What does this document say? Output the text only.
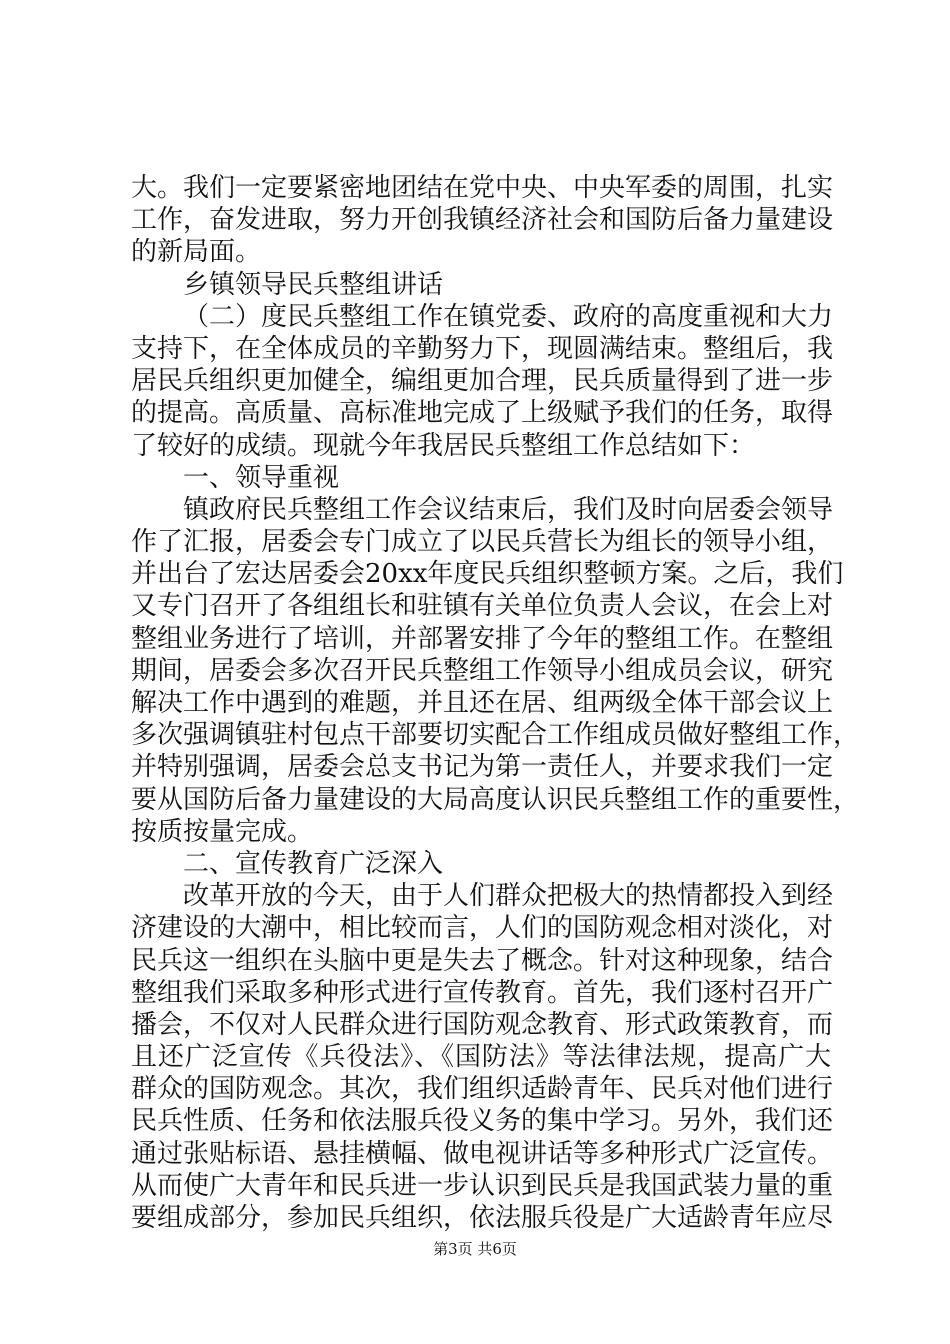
大。我们一定要紧密地团结在党中央、中央军委的周围，扎实
工作，奋发进取，努力开创我镇经济社会和国防后备力量建设
的新局面。
乡镇领导民兵整组讲话
（二）度民兵整组工作在镇党委、政府的高度重视和大力
支持下，在全体成员的辛勤努力下，现圆满结束。整组后，我
居民兵组织更加健全，编组更加合理，民兵质量得到了进一步
的提高。高质量、高标准地完成了上级赋予我们的任务，取得
了较好的成绩。现就今年我居民兵整组工作总结如下：
一、领导重视
镇政府民兵整组工作会议结束后，我们及时向居委会领导
作了汇报，居委会专门成立了以民兵营长为组长的领导小组，
并出台了宏达居委会20xx年度民兵组织整顿方案。之后，我们
又专门召开了各组组长和驻镇有关单位负责人会议，在会上对
整组业务进行了培训，并部署安排了今年的整组工作。在整组
期间，居委会多次召开民兵整组工作领导小组成员会议，研究
解决工作中遇到的难题，并且还在居、组两级全体干部会议上
多次强调镇驻村包点干部要切实配合工作组成员做好整组工作，
并特别强调，居委会总支书记为第一责任人，并要求我们一定
要从国防后备力量建设的大局高度认识民兵整组工作的重要性，
按质按量完成。
二、宣传教育广泛深入
改革开放的今天，由于人们群众把极大的热情都投入到经
济建设的大潮中，相比较而言，人们的国防观念相对淡化，对
民兵这一组织在头脑中更是失去了概念。针对这种现象，结合
整组我们采取多种形式进行宣传教育。首先，我们逐村召开广
播会，不仅对人民群众进行国防观念教育、形式政策教育，而
且还广泛宣传《兵役法》、《国防法》等法律法规，提高广大
群众的国防观念。其次，我们组织适龄青年、民兵对他们进行
民兵性质、任务和依法服兵役义务的集中学习。另外，我们还
通过张贴标语、悬挂横幅、做电视讲话等多种形式广泛宣传。
从而使广大青年和民兵进一步认识到民兵是我国武装力量的重
要组成部分，参加民兵组织，依法服兵役是广大适龄青年应尽
第3页 共6页
